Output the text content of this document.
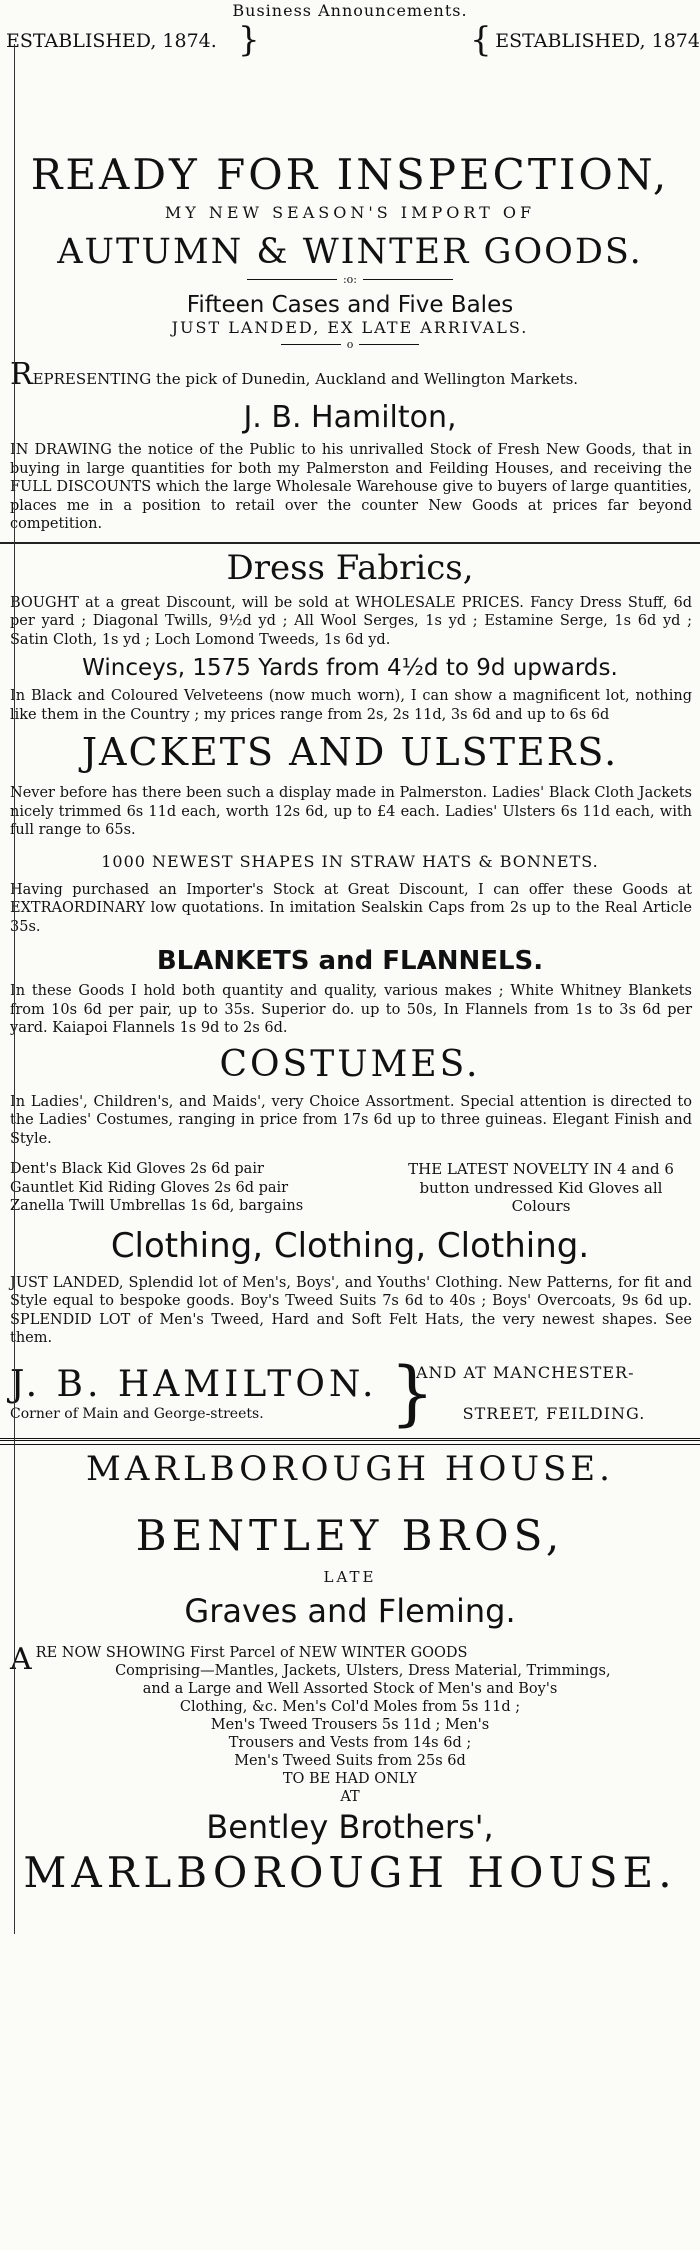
Business Announcements.
ESTABLISHED, 1874. }	{ ESTABLISHED, 1874
READY FOR INSPECTION,
MY NEW SEASON'S IMPORT OF
AUTUMN & WINTER GOODS.
:o:
Fifteen Cases and Five Bales
JUST LANDED, EX LATE ARRIVALS.
o
REPRESENTING the pick of Dunedin, Auckland and Wellington Markets.
J. B. Hamilton,
IN DRAWING the notice of the Public to his unrivalled Stock of Fresh New Goods, that in buying in large quantities for both my Palmerston and Feilding Houses, and receiving the FULL DISCOUNTS which the large Wholesale Warehouse give to buyers of large quantities, places me in a position to retail over the counter New Goods at prices far beyond competition.
Dress Fabrics,
BOUGHT at a great Discount, will be sold at WHOLESALE PRICES. Fancy Dress Stuff, 6d per yard ; Diagonal Twills, 9½d yd ; All Wool Serges, 1s yd ; Estamine Serge, 1s 6d yd ; Satin Cloth, 1s yd ; Loch Lomond Tweeds, 1s 6d yd.
Winceys, 1575 Yards from 4½d to 9d upwards.
In Black and Coloured Velveteens (now much worn), I can show a magnificent lot, nothing like them in the Country ; my prices range from 2s, 2s 11d, 3s 6d and up to 6s 6d
JACKETS AND ULSTERS.
Never before has there been such a display made in Palmerston. Ladies' Black Cloth Jackets nicely trimmed 6s 11d each, worth 12s 6d, up to £4 each. Ladies' Ulsters 6s 11d each, with full range to 65s.
1000 NEWEST SHAPES IN STRAW HATS & BONNETS.
Having purchased an Importer's Stock at Great Discount, I can offer these Goods at EXTRAORDINARY low quotations. In imitation Sealskin Caps from 2s up to the Real Article 35s.
BLANKETS and FLANNELS.
In these Goods I hold both quantity and quality, various makes ; White Whitney Blankets from 10s 6d per pair, up to 35s. Superior do. up to 50s, In Flannels from 1s to 3s 6d per yard. Kaiapoi Flannels 1s 9d to 2s 6d.
COSTUMES.
In Ladies', Children's, and Maids', very Choice Assortment. Special attention is directed to the Ladies' Costumes, ranging in price from 17s 6d up to three guineas. Elegant Finish and Style.
Dent's Black Kid Gloves 2s 6d pair
Gauntlet Kid Riding Gloves 2s 6d pair
Zanella Twill Umbrellas 1s 6d, bargains
THE LATEST NOVELTY IN 4 and 6 button undressed Kid Gloves all Colours
Clothing, Clothing, Clothing.
JUST LANDED, Splendid lot of Men's, Boys', and Youths' Clothing. New Patterns, for fit and Style equal to bespoke goods. Boy's Tweed Suits 7s 6d to 40s ; Boys' Overcoats, 9s 6d up. SPLENDID LOT of Men's Tweed, Hard and Soft Felt Hats, the very newest shapes. See them.
J. B. HAMILTON.
Corner of Main and George-streets.	}
AND AT MANCHESTER-
STREET, FEILDING.
MARLBOROUGH HOUSE.
BENTLEY BROS,
LATE
Graves and Fleming.
A RE NOW SHOWING First Parcel of NEW WINTER GOODS
Comprising—Mantles, Jackets, Ulsters, Dress Material, Trimmings,
and a Large and Well Assorted Stock of Men's and Boy's
Clothing, &c. Men's Col'd Moles from 5s 11d ;
Men's Tweed Trousers 5s 11d ; Men's
Trousers and Vests from 14s 6d ;
Men's Tweed Suits from 25s 6d
TO BE HAD ONLY
AT
Bentley Brothers',
MARLBOROUGH HOUSE.
